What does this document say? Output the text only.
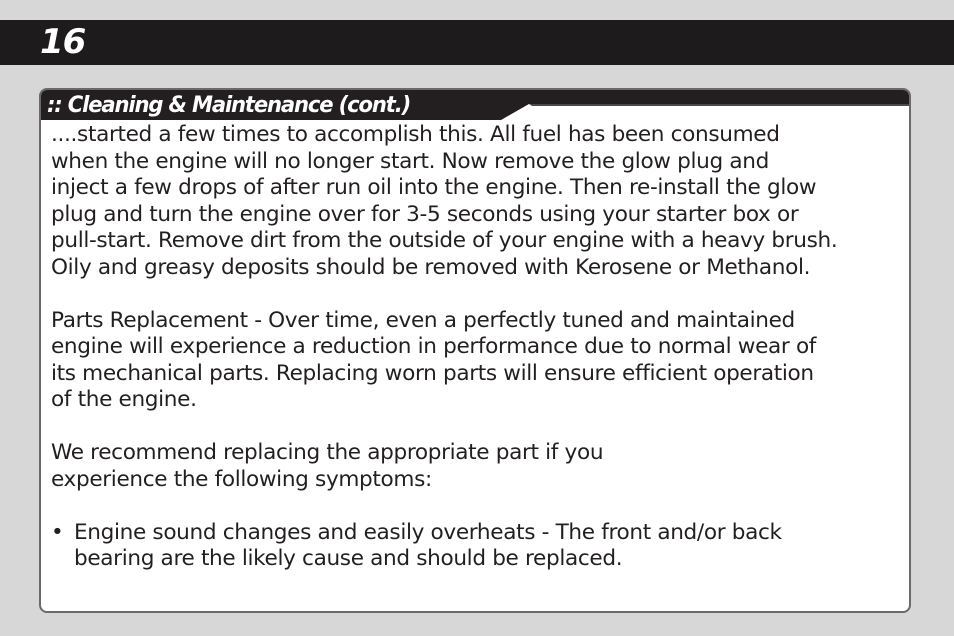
16
:: Cleaning & Maintenance (cont.)

....started a few times to accomplish this. All fuel has been consumed
when the engine will no longer start. Now remove the glow plug and
inject a few drops of after run oil into the engine. Then re-install the glow
plug and turn the engine over for 3-5 seconds using your starter box or
pull-start. Remove dirt from the outside of your engine with a heavy brush.
Oily and greasy deposits should be removed with Kerosene or Methanol.

Parts Replacement - Over time, even a perfectly tuned and maintained
engine will experience a reduction in performance due to normal wear of
its mechanical parts. Replacing worn parts will ensure efficient operation
of the engine.

We recommend replacing the appropriate part if you
experience the following symptoms:

• Engine sound changes and easily overheats - The front and/or back
bearing are the likely cause and should be replaced.
